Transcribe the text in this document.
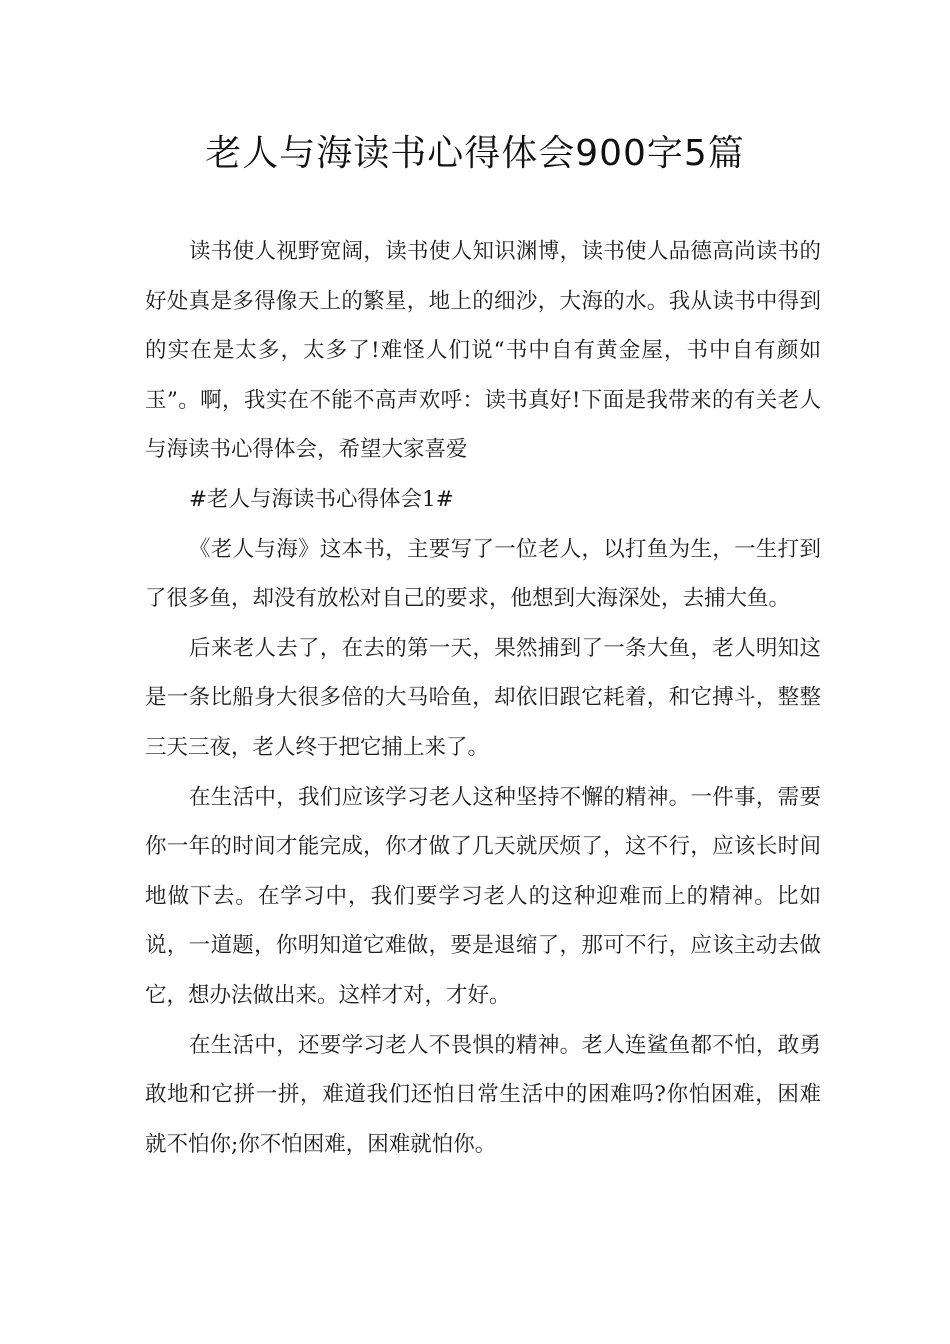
老人与海读书心得体会900字5篇

读书使人视野宽阔，读书使人知识渊博，读书使人品德高尚读书的好处真是多得像天上的繁星，地上的细沙，大海的水。我从读书中得到的实在是太多，太多了!难怪人们说“书中自有黄金屋，书中自有颜如玉”。啊，我实在不能不高声欢呼：读书真好!下面是我带来的有关老人与海读书心得体会，希望大家喜爱

#老人与海读书心得体会1#

《老人与海》这本书，主要写了一位老人，以打鱼为生，一生打到了很多鱼，却没有放松对自己的要求，他想到大海深处，去捕大鱼。

后来老人去了，在去的第一天，果然捕到了一条大鱼，老人明知这是一条比船身大很多倍的大马哈鱼，却依旧跟它耗着，和它搏斗，整整三天三夜，老人终于把它捕上来了。

在生活中，我们应该学习老人这种坚持不懈的精神。一件事，需要你一年的时间才能完成，你才做了几天就厌烦了，这不行，应该长时间地做下去。在学习中，我们要学习老人的这种迎难而上的精神。比如说，一道题，你明知道它难做，要是退缩了，那可不行，应该主动去做它，想办法做出来。这样才对，才好。

在生活中，还要学习老人不畏惧的精神。老人连鲨鱼都不怕，敢勇敢地和它拼一拼，难道我们还怕日常生活中的困难吗?你怕困难，困难就不怕你;你不怕困难，困难就怕你。
